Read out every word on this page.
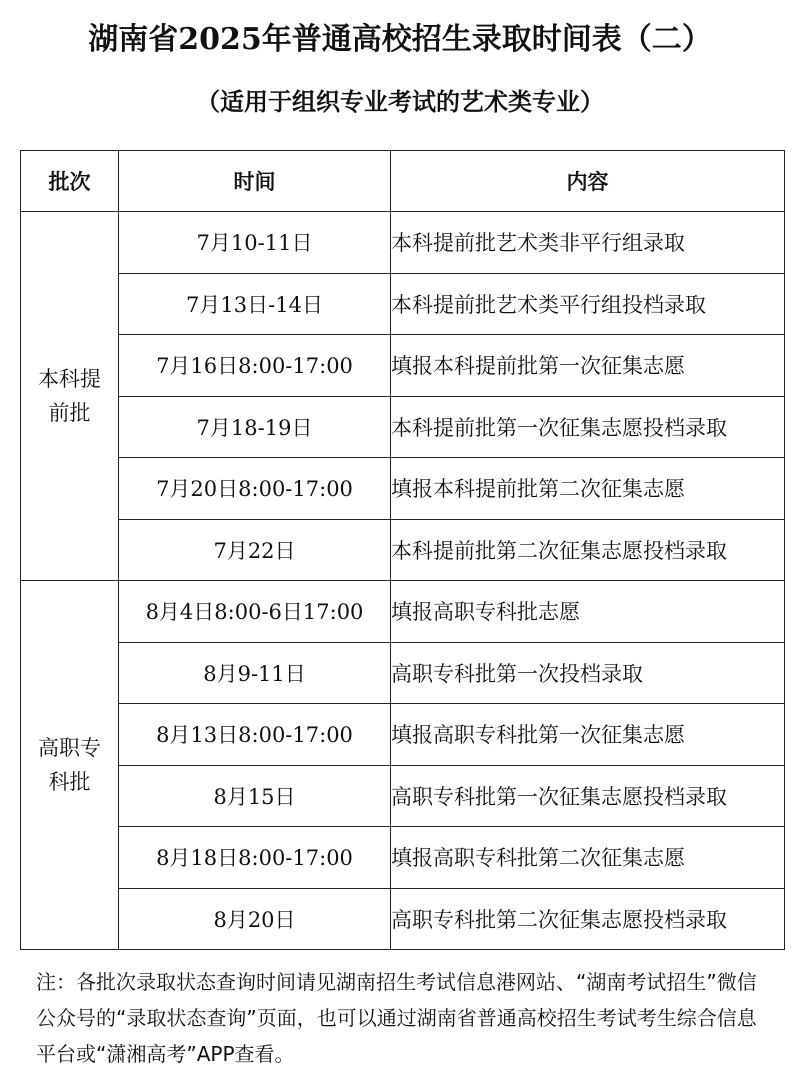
湖南省2025年普通高校招生录取时间表（二）
（适用于组织专业考试的艺术类专业）
批次	时间	内容
本科提前批	7月10-11日	本科提前批艺术类非平行组录取
	7月13日-14日	本科提前批艺术类平行组投档录取
	7月16日8:00-17:00	填报本科提前批第一次征集志愿
	7月18-19日	本科提前批第一次征集志愿投档录取
	7月20日8:00-17:00	填报本科提前批第二次征集志愿
	7月22日	本科提前批第二次征集志愿投档录取
高职专科批	8月4日8:00-6日17:00	填报高职专科批志愿
	8月9-11日	高职专科批第一次投档录取
	8月13日8:00-17:00	填报高职专科批第一次征集志愿
	8月15日	高职专科批第一次征集志愿投档录取
	8月18日8:00-17:00	填报高职专科批第二次征集志愿
	8月20日	高职专科批第二次征集志愿投档录取
注：各批次录取状态查询时间请见湖南招生考试信息港网站、“湖南考试招生”微信公众号的“录取状态查询”页面，也可以通过湖南省普通高校招生考试考生综合信息平台或“潇湘高考”APP查看。
